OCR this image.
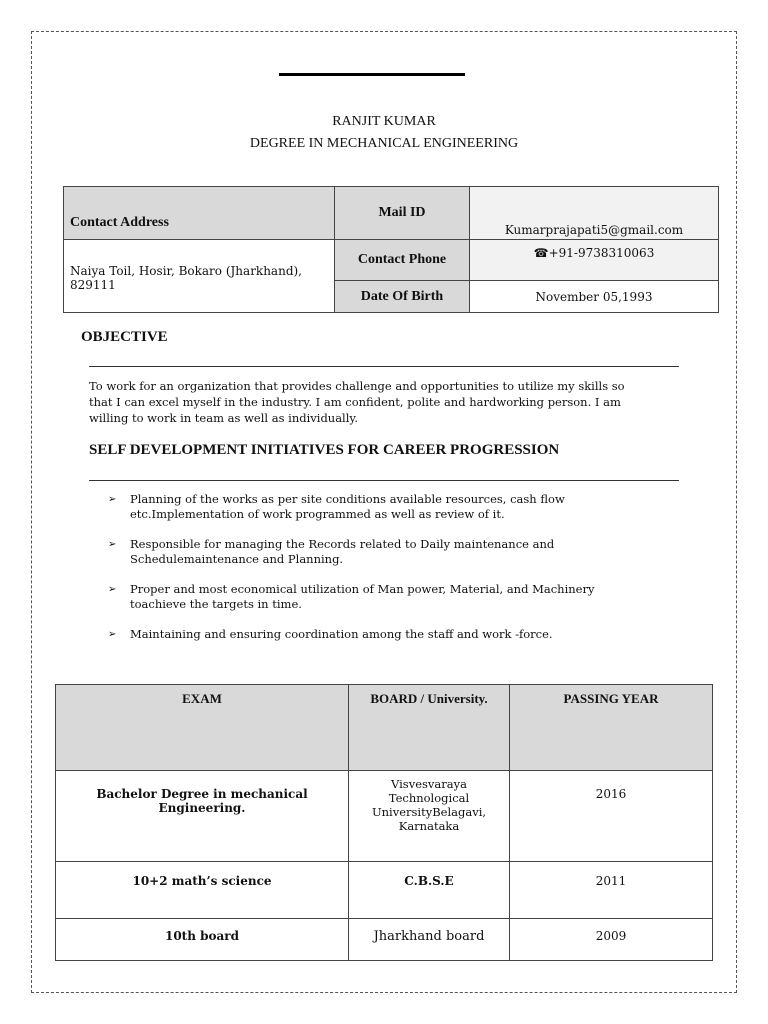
RANJIT KUMAR
DEGREE IN MECHANICAL ENGINEERING
Contact Address	Mail ID	Kumarprajapati5@gmail.com
Naiya Toil, Hosir, Bokaro (Jharkhand), 829111	Contact Phone	☎+91-9738310063
	Date Of Birth	November 05,1993
OBJECTIVE
To work for an organization that provides challenge and opportunities to utilize my skills so that I can excel myself in the industry. I am confident, polite and hardworking person. I am willing to work in team as well as individually.
SELF DEVELOPMENT INITIATIVES FOR CAREER PROGRESSION
➢ Planning of the works as per site conditions available resources, cash flow etc.Implementation of work programmed as well as review of it.
➢ Responsible for managing the Records related to Daily maintenance and Schedulemaintenance and Planning.
➢ Proper and most economical utilization of Man power, Material, and Machinery toachieve the targets in time.
➢ Maintaining and ensuring coordination among the staff and work -force.
EXAM	BOARD / University.	PASSING YEAR
Bachelor Degree in mechanical Engineering.	Visvesvaraya Technological UniversityBelagavi, Karnataka	2016
10+2 math’s science	C.B.S.E	2011
10th board	Jharkhand board	2009
